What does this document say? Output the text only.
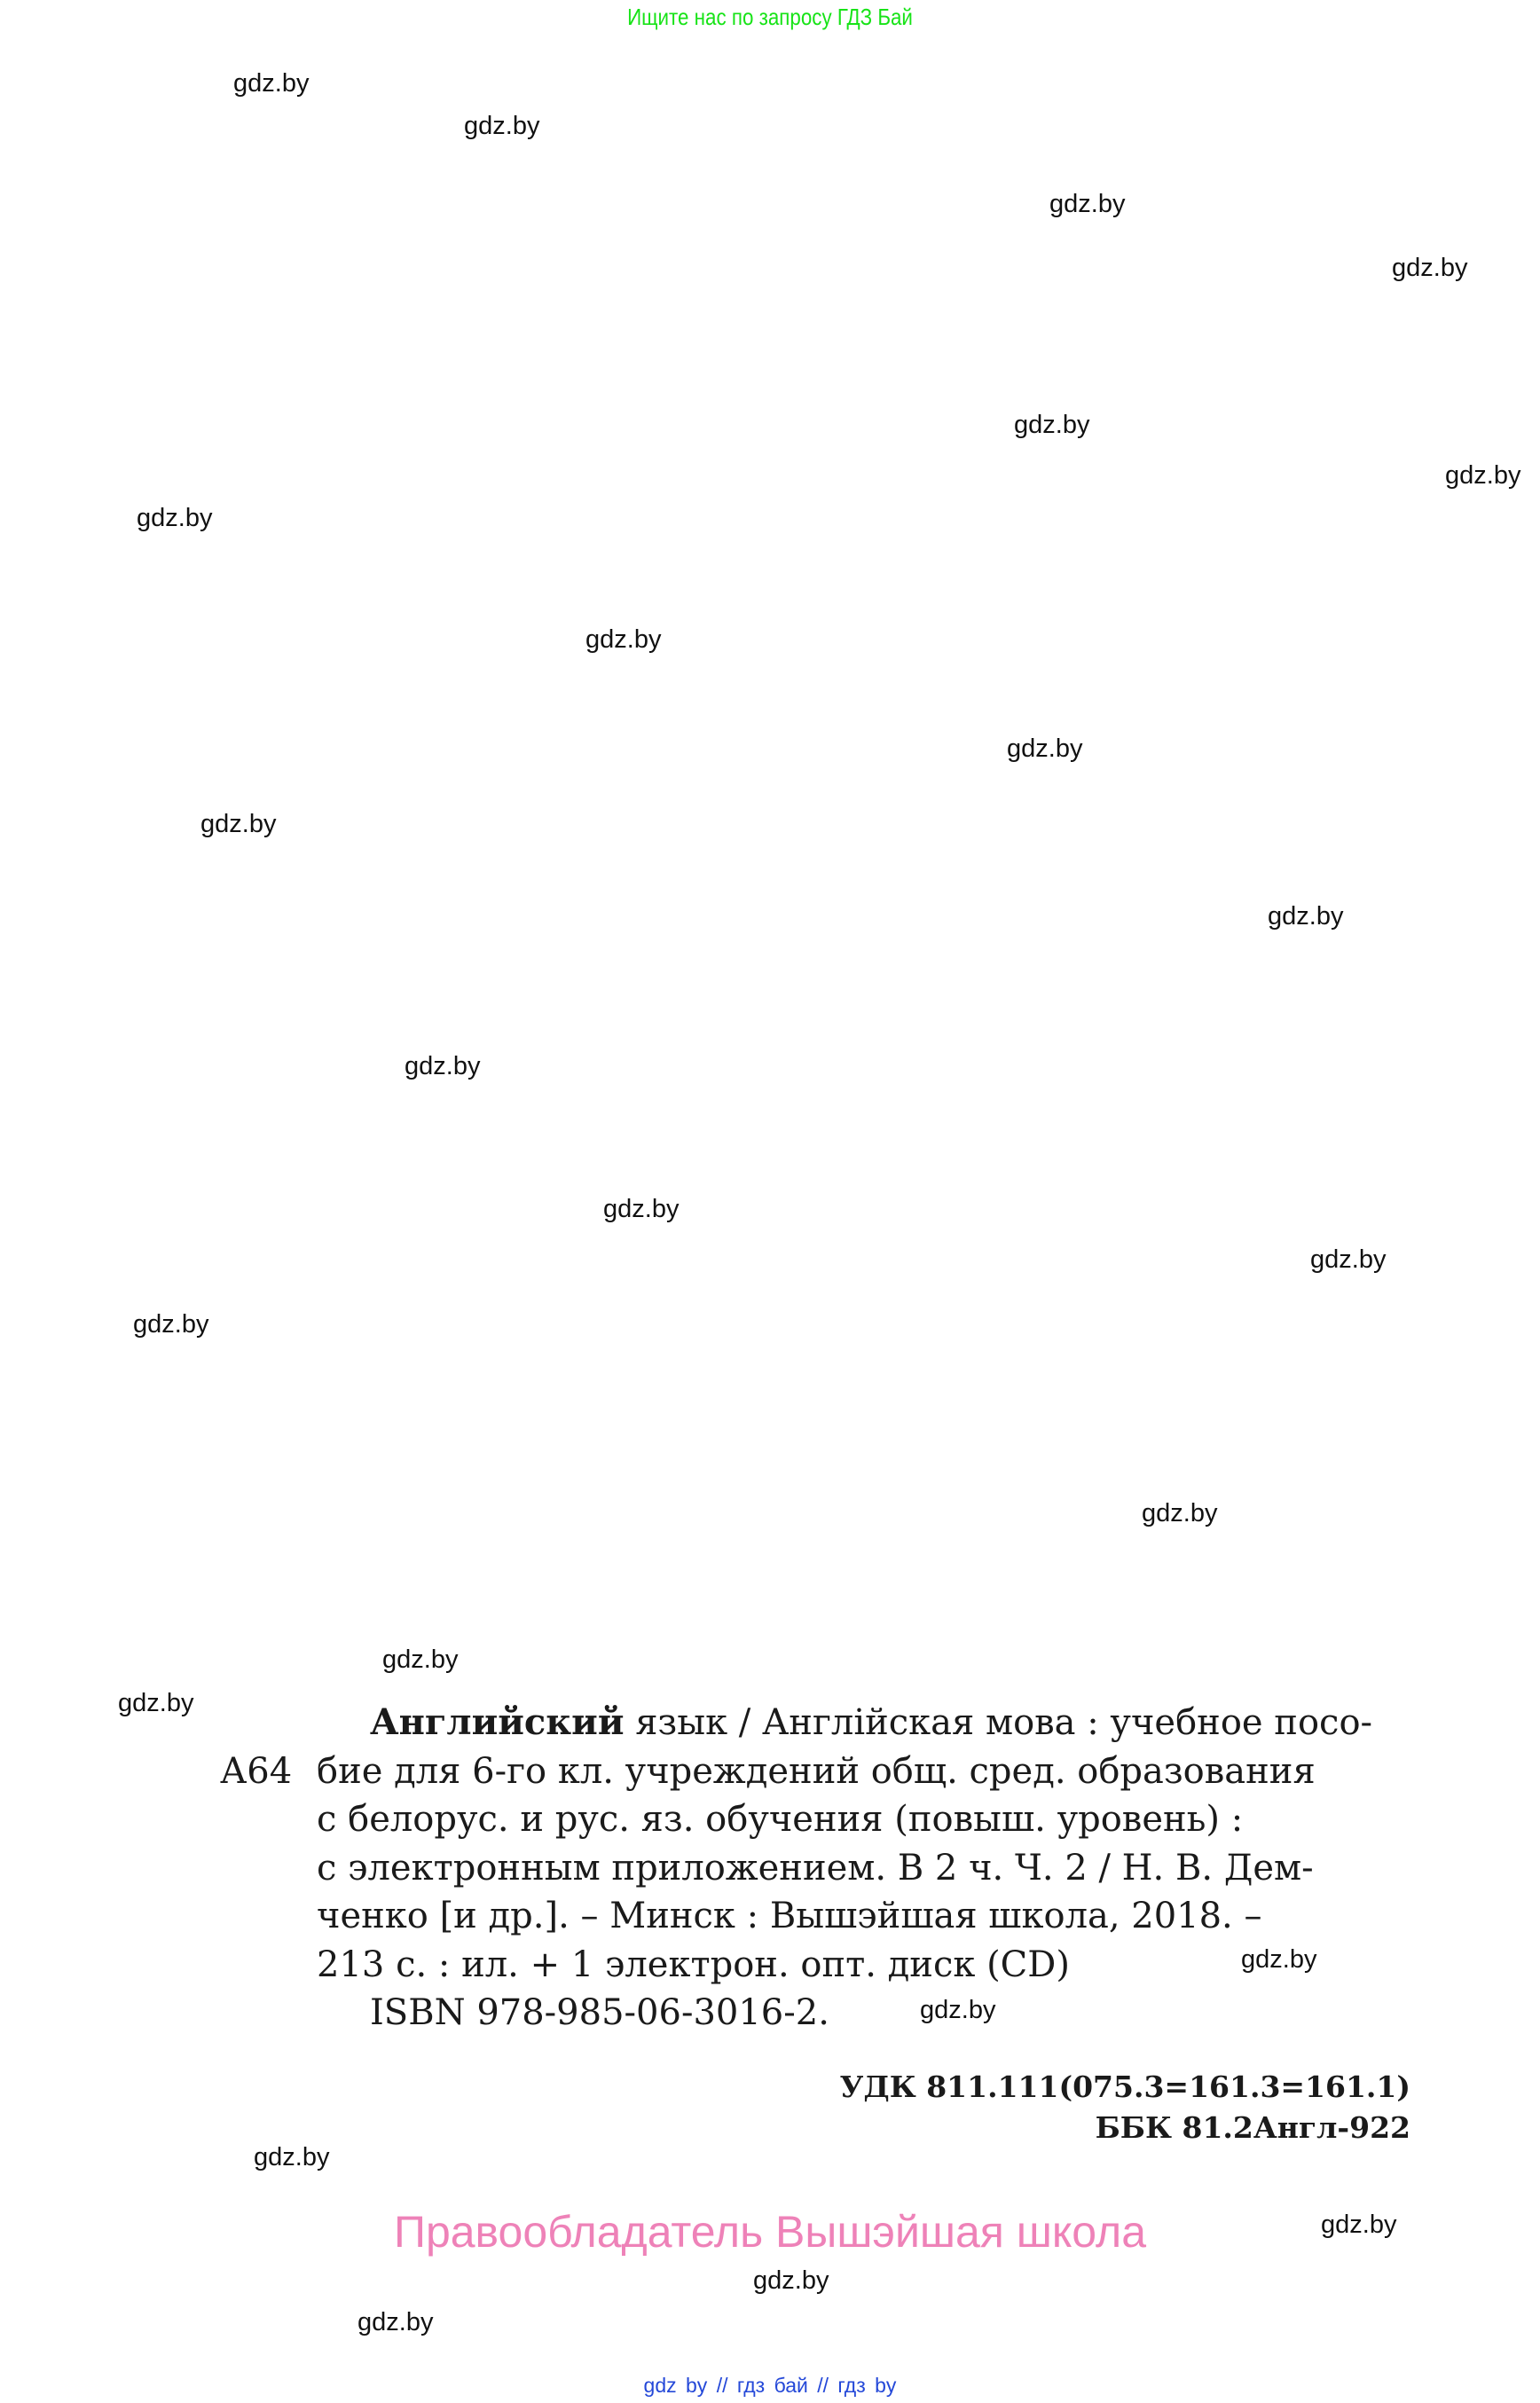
Ищите нас по запросу ГДЗ Бай
gdz.by
gdz.by
gdz.by
gdz.by
gdz.by
gdz.by
gdz.by
gdz.by
gdz.by
gdz.by
gdz.by
gdz.by
gdz.by
gdz.by
gdz.by
gdz.by
gdz.by
gdz.by
gdz.by
gdz.by
gdz.by
gdz.by
gdz.by
gdz.by
Английский язык / Англійская мова : учебное посо-
А64 бие для 6-го кл. учреждений общ. сред. образования
с белорус. и рус. яз. обучения (повыш. уровень) :
с электронным приложением. В 2 ч. Ч. 2 / Н. В. Дем-
ченко [и др.]. – Минск : Вышэйшая школа, 2018. –
213 с. : ил. + 1 электрон. опт. диск (CD)
ISBN 978-985-06-3016-2.
УДК 811.111(075.3=161.3=161.1)
ББК 81.2Англ-922
Правообладатель Вышэйшая школа
gdz by // гдз бай // гдз by
